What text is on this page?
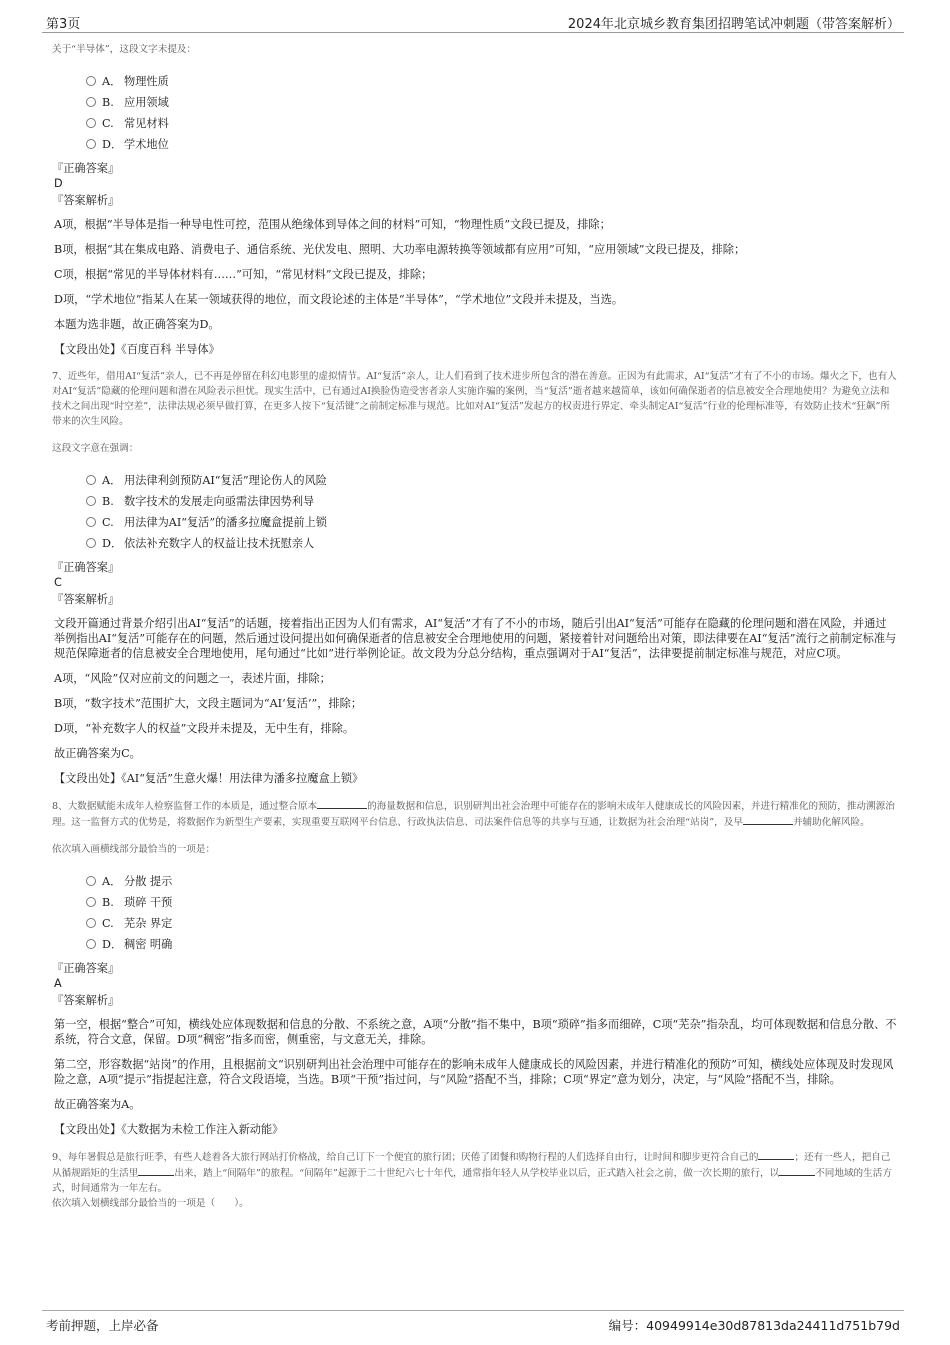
第3页	2024年北京城乡教育集团招聘笔试冲刺题（带答案解析）
关于“半导体”，这段文字未提及：
A． 物理性质
B. 应用领域
C. 常见材料
D． 学术地位
『正确答案』
D
『答案解析』
A项，根据“半导体是指一种导电性可控，范围从绝缘体到导体之间的材料”可知，“物理性质”文段已提及，排除；
B项，根据“其在集成电路、消费电子、通信系统、光伏发电、照明、大功率电源转换等领域都有应用”可知，“应用领域”文段已提及，排除；
C项，根据“常见的半导体材料有……”可知，“常见材料”文段已提及，排除；
D项，“学术地位”指某人在某一领域获得的地位，而文段论述的主体是“半导体”，“学术地位”文段并未提及，当选。
本题为选非题，故正确答案为D。
【文段出处】《百度百科 半导体》
7、近些年，借用AI“复活”亲人，已不再是停留在科幻电影里的虚拟情节。AI“复活”亲人，让人们看到了技术进步所包含的潜在善意。正因为有此需求，AI“复活”才有了不小的市场。爆火之下，也有人对AI“复活”隐藏的伦理问题和潜在风险表示担忧。现实生活中，已有通过AI换脸伪造受害者亲人实施诈骗的案例，当“复活”逝者越来越简单，该如何确保逝者的信息被安全合理地使用？为避免立法和技术之间出现“时空差”，法律法规必须早做打算，在更多人按下“复活键”之前制定标准与规范。比如对AI“复活”发起方的权责进行界定、牵头制定AI“复活”行业的伦理标准等，有效防止技术“狂飙”所带来的次生风险。
这段文字意在强调：
A． 用法律利剑预防AI“复活”理论伤人的风险
B. 数字技术的发展走向亟需法律因势利导
C. 用法律为AI“复活”的潘多拉魔盒提前上锁
D． 依法补充数字人的权益让技术抚慰亲人
『正确答案』
C
『答案解析』
文段开篇通过背景介绍引出AI“复活”的话题，接着指出正因为人们有需求，AI“复活”才有了不小的市场，随后引出AI“复活”可能存在隐藏的伦理问题和潜在风险，并通过举例指出AI“复活”可能存在的问题，然后通过设问提出如何确保逝者的信息被安全合理地使用的问题，紧接着针对问题给出对策，即法律要在AI“复活”流行之前制定标准与规范保障逝者的信息被安全合理地使用，尾句通过“比如”进行举例论证。故文段为分总分结构，重点强调对于AI“复活”，法律要提前制定标准与规范，对应C项。
A项，“风险”仅对应前文的问题之一，表述片面，排除；
B项，“数字技术”范围扩大，文段主题词为“AI‘复活’”，排除；
D项，“补充数字人的权益”文段并未提及，无中生有，排除。
故正确答案为C。
【文段出处】《AI“复活”生意火爆！用法律为潘多拉魔盒上锁》
8、大数据赋能未成年人检察监督工作的本质是，通过整合原本	的海量数据和信息，识别研判出社会治理中可能存在的影响未成年人健康成长的风险因素，并进行精准化的预防，推动溯源治理。这一监督方式的优势是，将数据作为新型生产要素，实现重要互联网平台信息、行政执法信息、司法案件信息等的共享与互通，让数据为社会治理“站岗”，及早	并辅助化解风险。
依次填入画横线部分最恰当的一项是：
A． 分散 提示
B. 琐碎 干预
C. 芜杂 界定
D． 稠密 明确
『正确答案』
A
『答案解析』
第一空，根据“整合”可知，横线处应体现数据和信息的分散、不系统之意，A项“分散”指不集中，B项“琐碎”指多而细碎，C项“芜杂”指杂乱，均可体现数据和信息分散、不系统，符合文意，保留。D项“稠密”指多而密，侧重密，与文意无关，排除。
第二空，形容数据“站岗”的作用，且根据前文“识别研判出社会治理中可能存在的影响未成年人健康成长的风险因素，并进行精准化的预防”可知，横线处应体现及时发现风险之意，A项“提示”指提起注意，符合文段语境，当选。B项“干预”指过问，与“风险”搭配不当，排除；C项“界定”意为划分，决定，与“风险”搭配不当，排除。
故正确答案为A。
【文段出处】《大数据为未检工作注入新动能》
9、每年暑假总是旅行旺季，有些人趁着各大旅行网站打价格战，给自己订下一个便宜的旅行团；厌倦了团餐和购物行程的人们选择自由行，让时间和脚步更符合自己的	；还有一些人，把自己从循规蹈矩的生活里	出来，踏上“间隔年”的旅程。“间隔年”起源于二十世纪六七十年代，通常指年轻人从学校毕业以后，正式踏入社会之前，做一次长期的旅行，以	不同地域的生活方式，时间通常为一年左右。
依次填入划横线部分最恰当的一项是（　　）。
考前押题，上岸必备	编号：40949914e30d87813da24411d751b79d
